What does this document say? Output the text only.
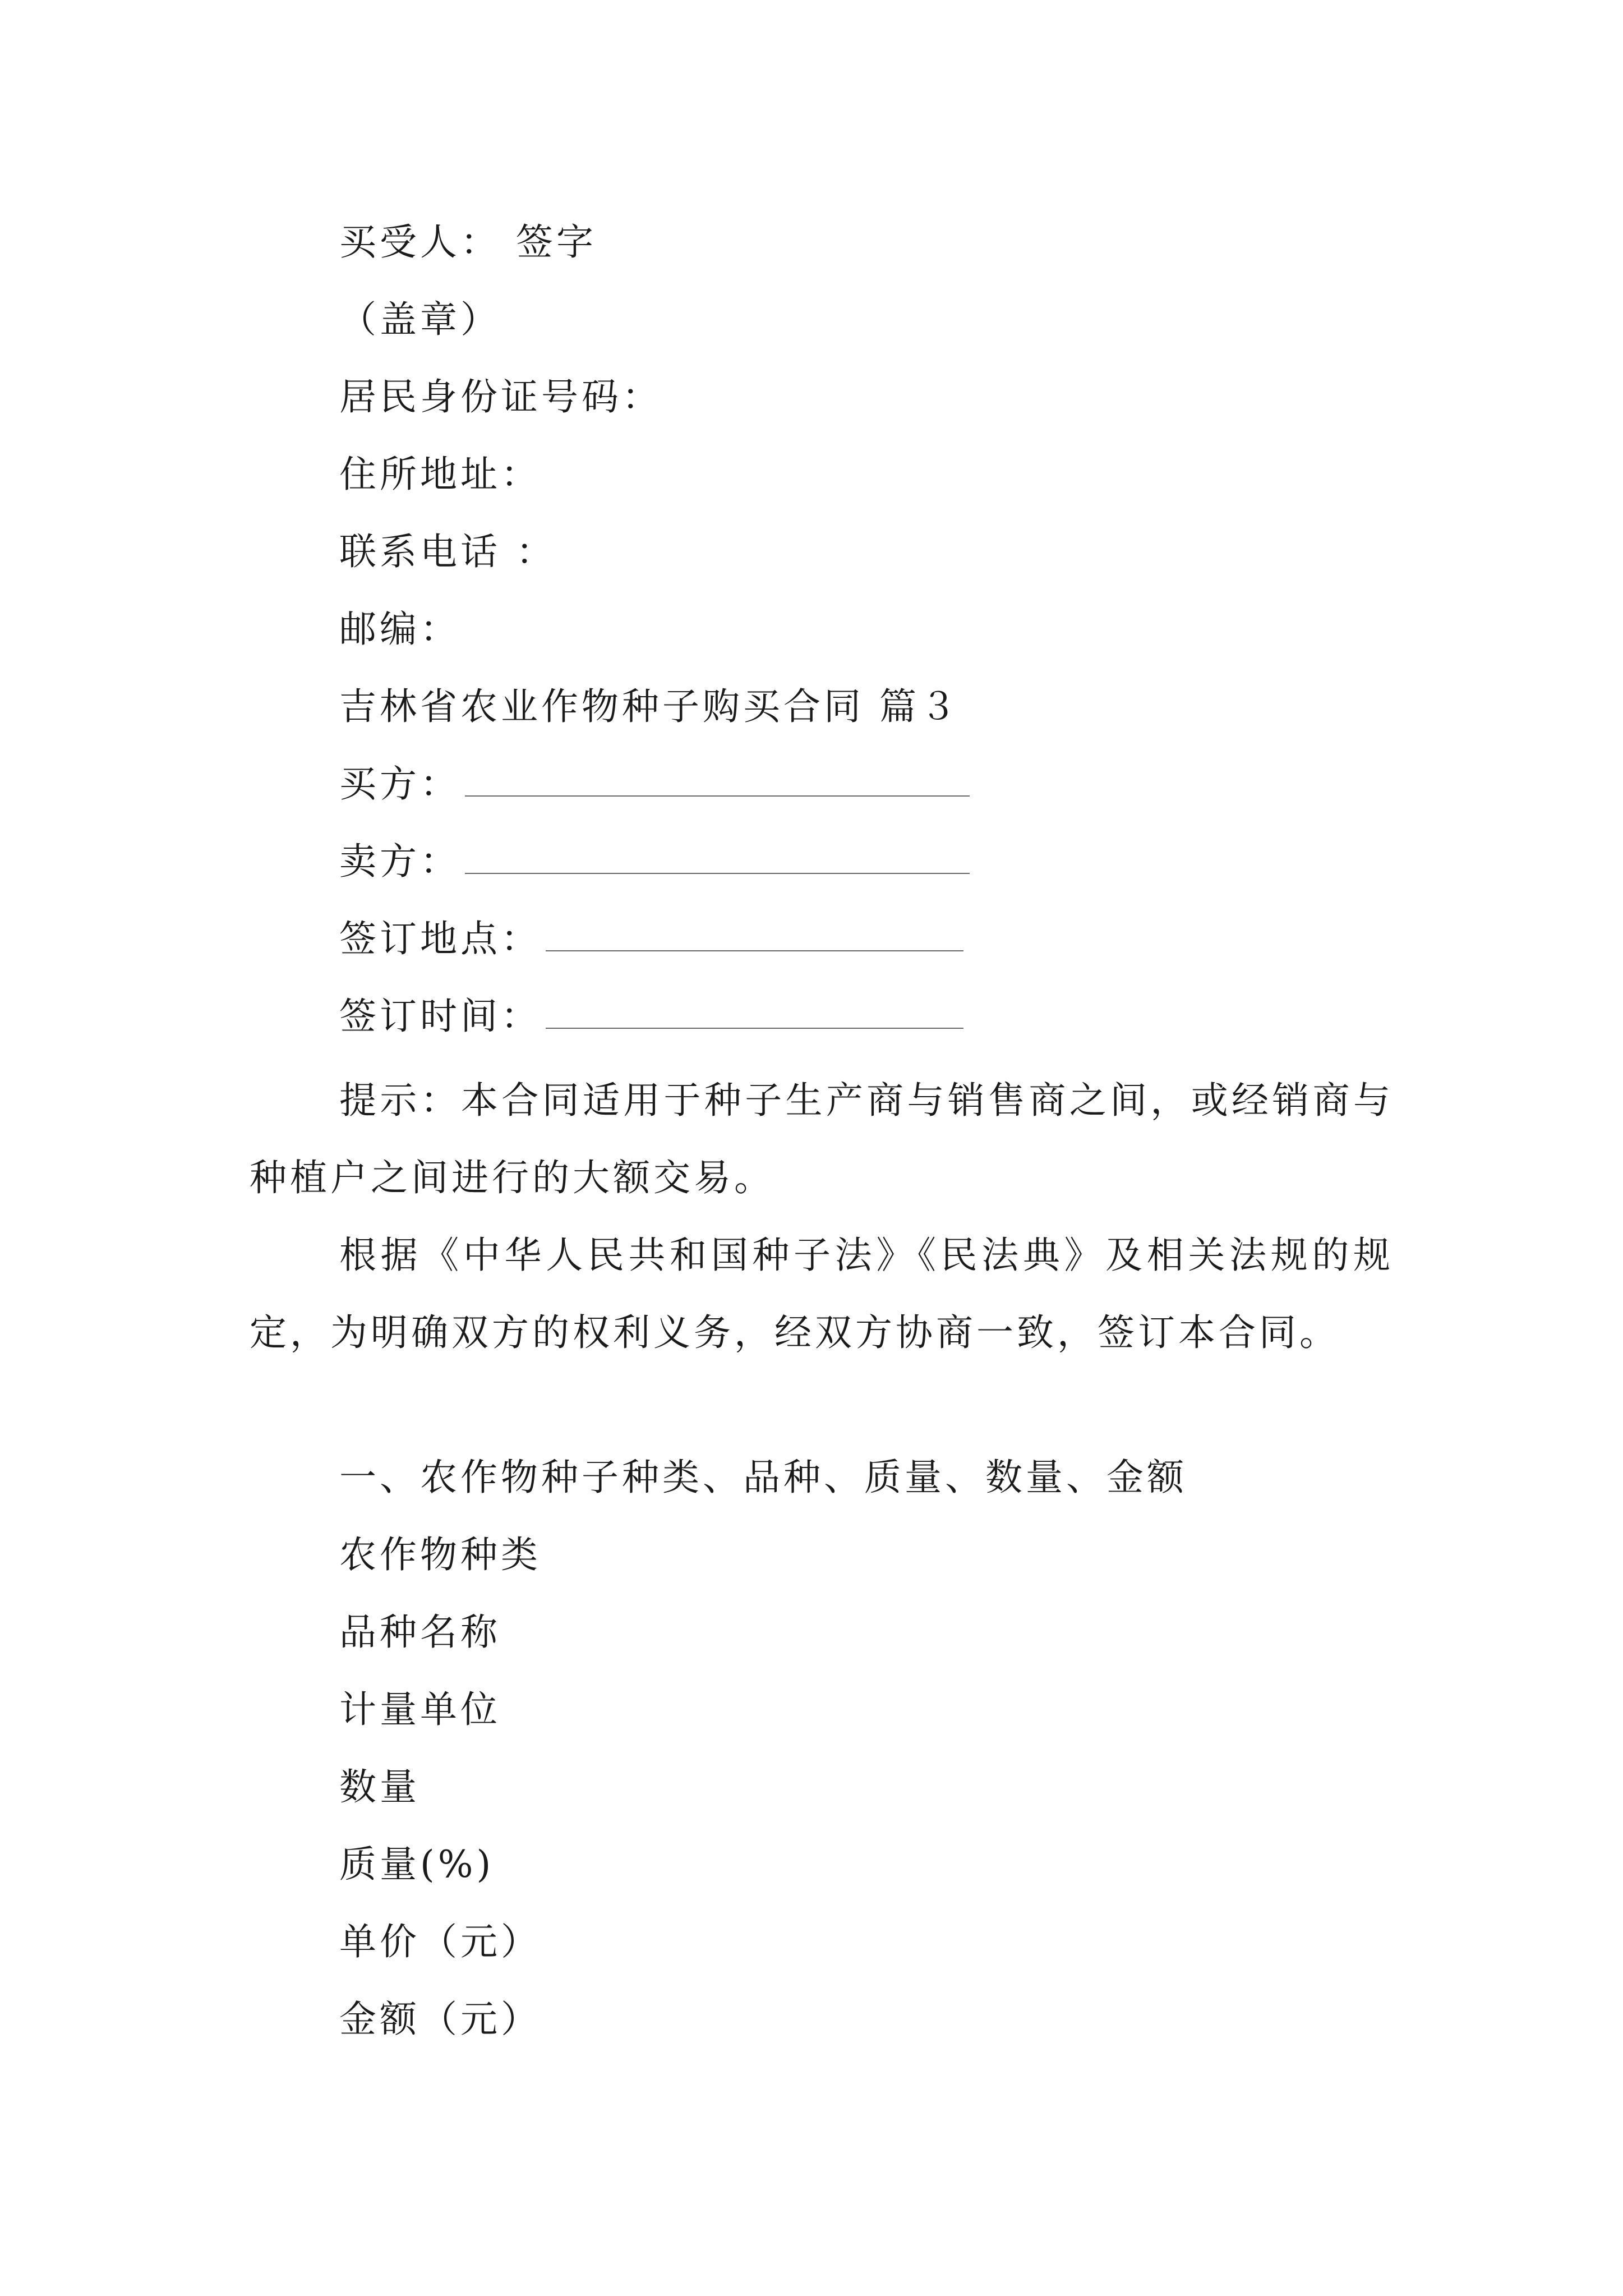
买受人： 签字
（盖章）
居民身份证号码：
住所地址：
联系电话 ：
邮编：
吉林省农业作物种子购买合同 篇３
买方：
卖方：
签订地点：
签订时间：
提示：本合同适用于种子生产商与销售商之间，或经销商与种植户之间进行的大额交易。
根据《中华人民共和国种子法》《民法典》及相关法规的规定，为明确双方的权利义务，经双方协商一致，签订本合同。
一、农作物种子种类、品种、质量、数量、金额
农作物种类
品种名称
计量单位
数量
质量(%)
单价（元）
金额（元）
